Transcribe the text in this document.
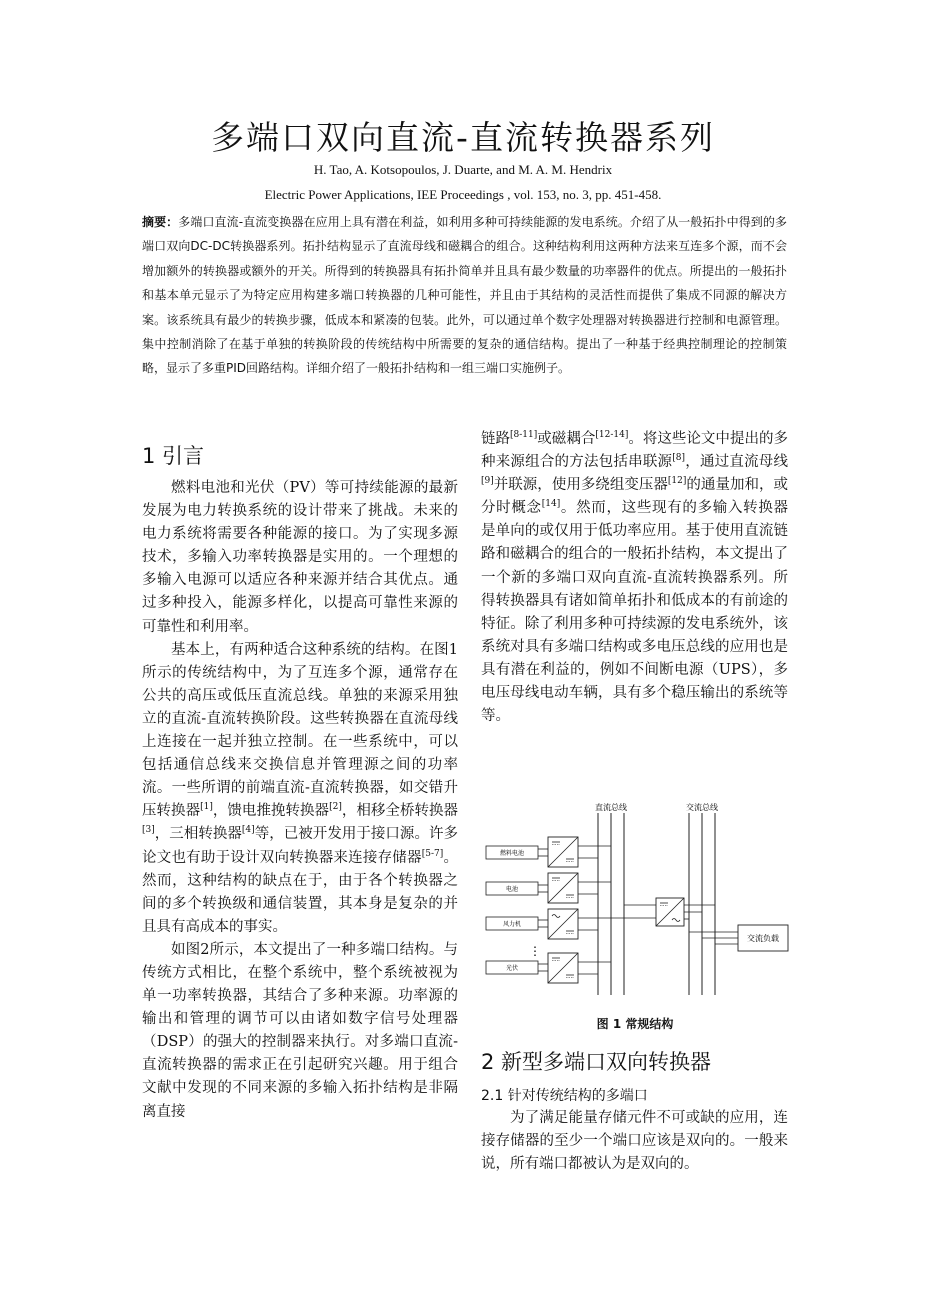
多端口双向直流-直流转换器系列
H. Tao, A. Kotsopoulos, J. Duarte, and M. A. M. Hendrix
Electric Power Applications, IEE Proceedings , vol. 153, no. 3, pp. 451-458.
摘要：多端口直流-直流变换器在应用上具有潜在利益，如利用多种可持续能源的发电系统。介绍了从一般拓扑中得到的多端口双向DC-DC转换器系列。拓扑结构显示了直流母线和磁耦合的组合。这种结构利用这两种方法来互连多个源，而不会增加额外的转换器或额外的开关。所得到的转换器具有拓扑简单并且具有最少数量的功率器件的优点。所提出的一般拓扑和基本单元显示了为特定应用构建多端口转换器的几种可能性，并且由于其结构的灵活性而提供了集成不同源的解决方案。该系统具有最少的转换步骤，低成本和紧凑的包装。此外，可以通过单个数字处理器对转换器进行控制和电源管理。集中控制消除了在基于单独的转换阶段的传统结构中所需要的复杂的通信结构。提出了一种基于经典控制理论的控制策略，显示了多重PID回路结构。详细介绍了一般拓扑结构和一组三端口实施例子。
1 引言

燃料电池和光伏（PV）等可持续能源的最新发展为电力转换系统的设计带来了挑战。未来的电力系统将需要各种能源的接口。为了实现多源技术，多输入功率转换器是实用的。一个理想的多输入电源可以适应各种来源并结合其优点。通过多种投入，能源多样化，以提高可靠性来源的可靠性和利用率。

基本上，有两种适合这种系统的结构。在图1所示的传统结构中，为了互连多个源，通常存在公共的高压或低压直流总线。单独的来源采用独立的直流-直流转换阶段。这些转换器在直流母线上连接在一起并独立控制。在一些系统中，可以包括通信总线来交换信息并管理源之间的功率流。一些所谓的前端直流-直流转换器，如交错升压转换器[1]，馈电推挽转换器[2]，相移全桥转换器[3]，三相转换器[4]等，已被开发用于接口源。许多论文也有助于设计双向转换器来连接存储器[5-7]。然而，这种结构的缺点在于，由于各个转换器之间的多个转换级和通信装置，其本身是复杂的并且具有高成本的事实。

如图2所示，本文提出了一种多端口结构。与传统方式相比，在整个系统中，整个系统被视为单一功率转换器，其结合了多种来源。功率源的输出和管理的调节可以由诸如数字信号处理器（DSP）的强大的控制器来执行。对多端口直流-直流转换器的需求正在引起研究兴趣。用于组合文献中发现的不同来源的多输入拓扑结构是非隔离直接

链路[8-11]或磁耦合[12-14]。将这些论文中提出的多种来源组合的方法包括串联源[8]，通过直流母线[9]并联源，使用多绕组变压器[12]的通量加和，或分时概念[14]。然而，这些现有的多输入转换器是单向的或仅用于低功率应用。基于使用直流链路和磁耦合的组合的一般拓扑结构，本文提出了一个新的多端口双向直流-直流转换器系列。所得转换器具有诸如简单拓扑和低成本的有前途的特征。除了利用多种可持续源的发电系统外，该系统对具有多端口结构或多电压总线的应用也是具有潜在利益的，例如不间断电源（UPS），多电压母线电动车辆，具有多个稳压输出的系统等等。

直流总线	交流总线
燃料电池
电池
风力机
⋮
光伏
交流负载
图 1 常规结构
2 新型多端口双向转换器
2.1 针对传统结构的多端口

为了满足能量存储元件不可或缺的应用，连接存储器的至少一个端口应该是双向的。一般来说，所有端口都被认为是双向的。
